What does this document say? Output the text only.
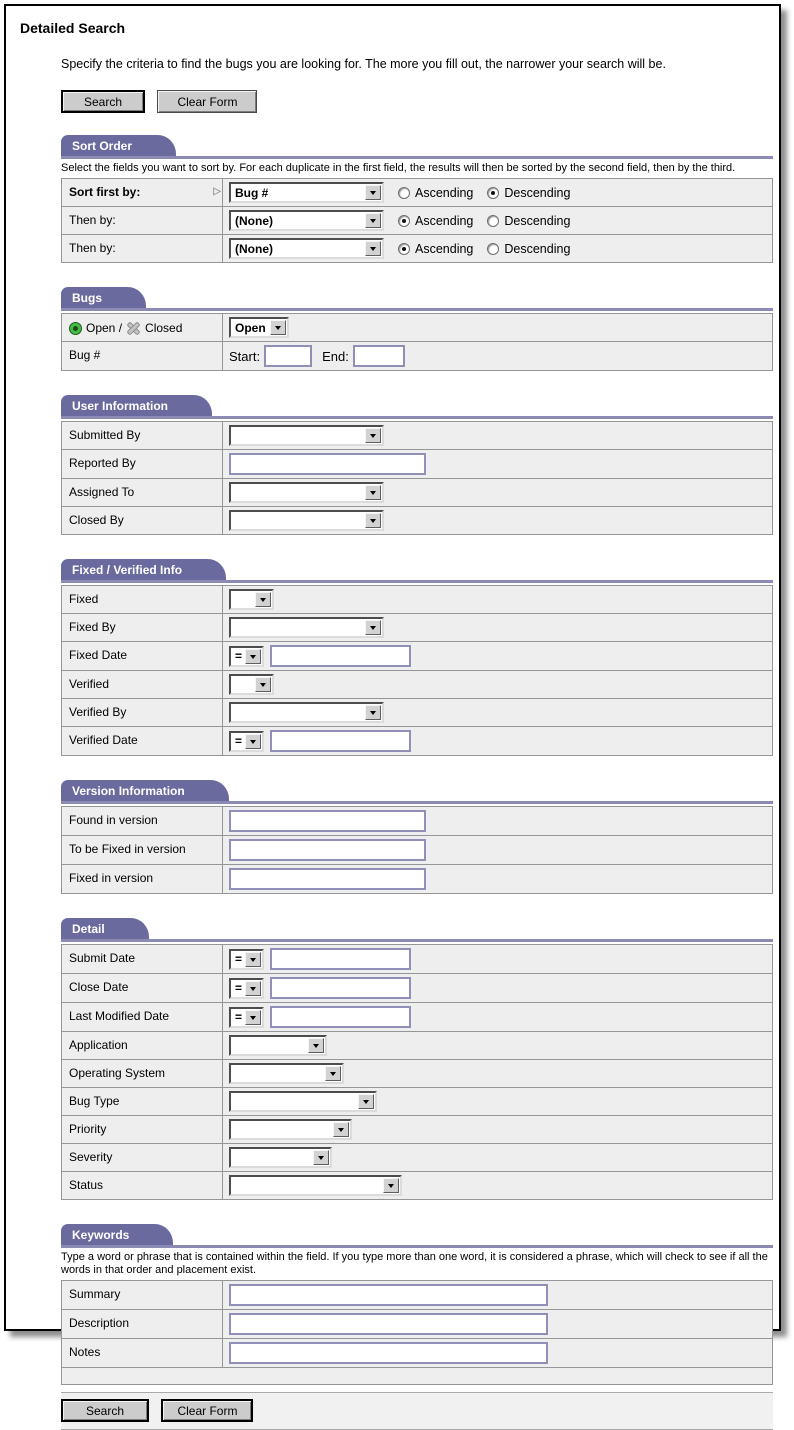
Detailed Search
Specify the criteria to find the bugs you are looking for. The more you fill out, the narrower your search will be.
Search	Clear Form
Sort Order
Select the fields you want to sort by. For each duplicate in the first field, the results will then be sorted by the second field, then by the third.
Sort first by:	▷ Bug #	Ascending Descending
Then by:	(None)	Ascending Descending
Then by:	(None)	Ascending Descending
Bugs
Open / Closed	Open
Bug #	Start:	End:
User Information
Submitted By
Reported By
Assigned To
Closed By
Fixed / Verified Info
Fixed
Fixed By
Fixed Date	=
Verified
Verified By
Verified Date	=
Version Information
Found in version
To be Fixed in version
Fixed in version
Detail
Submit Date	=
Close Date	=
Last Modified Date	=
Application
Operating System
Bug Type
Priority
Severity
Status
Keywords
Type a word or phrase that is contained within the field. If you type more than one word, it is considered a phrase, which will check to see if all the words in that order and placement exist.
Summary
Description
Notes
Search	Clear Form
